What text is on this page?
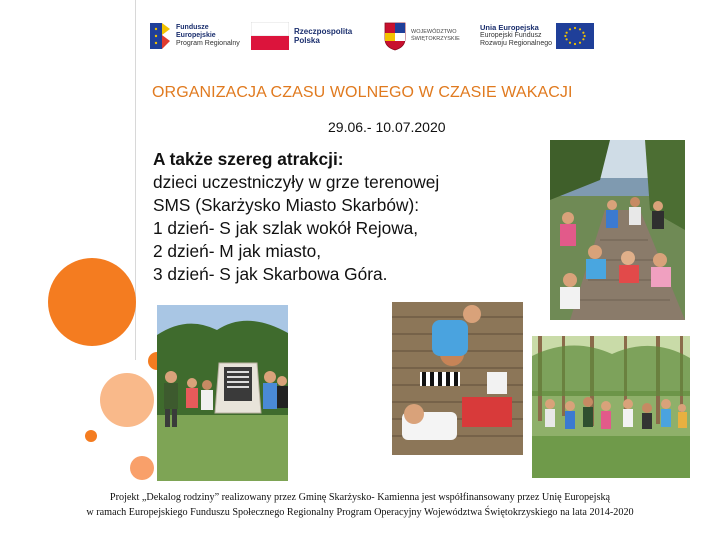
Fundusze
Europejskie
Program Regionalny
Rzeczpospolita
Polska
WOJEWÓDZTWO
ŚWIĘTOKRZYSKIE
Unia Europejska
Europejski Fundusz
Rozwoju Regionalnego
ORGANIZACJA CZASU WOLNEGO W CZASIE WAKACJI
29.06.- 10.07.2020
A także szereg atrakcji:
dzieci uczestniczyły w grze terenowej
SMS (Skarżysko Miasto Skarbów):
1 dzień- S jak szlak wokół Rejowa,
2 dzień- M jak miasto,
3 dzień- S jak Skarbowa Góra.
Projekt „Dekalog rodziny” realizowany przez Gminę Skarżysko- Kamienna jest współfinansowany przez Unię Europejską
w ramach Europejskiego Funduszu Społecznego Regionalny Program Operacyjny Województwa Świętokrzyskiego na lata 2014-2020
